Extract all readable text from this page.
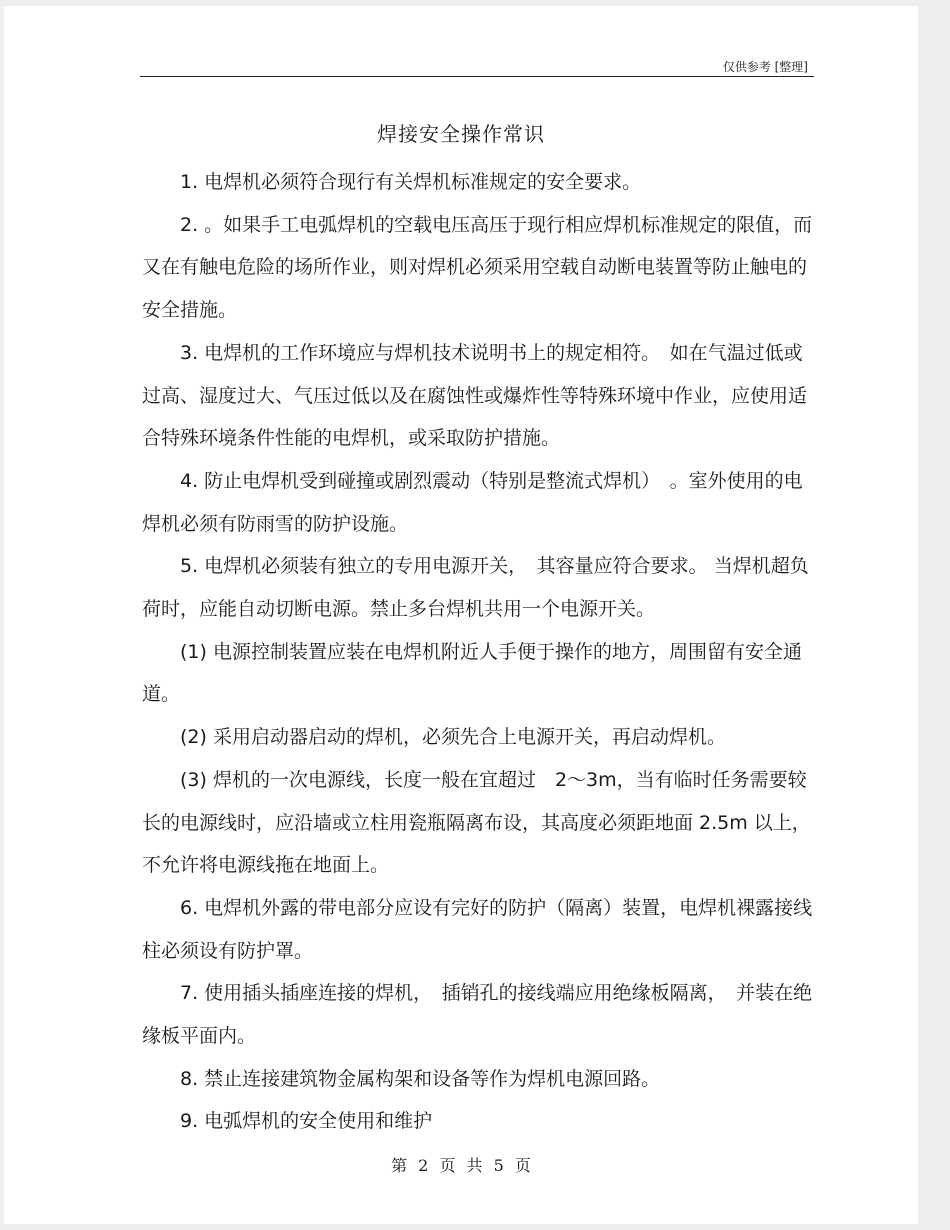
仅供参考 [整理]
焊接安全操作常识

1. 电焊机必须符合现行有关焊机标准规定的安全要求。

2. 。如果手工电弧焊机的空载电压高压于现行相应焊机标准规定的限值，而又在有触电危险的场所作业，则对焊机必须采用空载自动断电装置等防止触电的安全措施。

3. 电焊机的工作环境应与焊机技术说明书上的规定相符。　如在气温过低或过高、湿度过大、气压过低以及在腐蚀性或爆炸性等特殊环境中作业，应使用适合特殊环境条件性能的电焊机，或采取防护措施。

4. 防止电焊机受到碰撞或剧烈震动（特别是整流式焊机）　。室外使用的电焊机必须有防雨雪的防护设施。

5. 电焊机必须装有独立的专用电源开关，　其容量应符合要求。 当焊机超负荷时，应能自动切断电源。禁止多台焊机共用一个电源开关。

(1) 电源控制装置应装在电焊机附近人手便于操作的地方，周围留有安全通道。

(2) 采用启动器启动的焊机，必须先合上电源开关，再启动焊机。

(3) 焊机的一次电源线，长度一般在宜超过　2～3m，当有临时任务需要较长的电源线时，应沿墙或立柱用瓷瓶隔离布设，其高度必须距地面 2.5m 以上，不允许将电源线拖在地面上。

6. 电焊机外露的带电部分应设有完好的防护（隔离）装置，电焊机裸露接线柱必须设有防护罩。

7. 使用插头插座连接的焊机，　插销孔的接线端应用绝缘板隔离，　并装在绝缘板平面内。

8. 禁止连接建筑物金属构架和设备等作为焊机电源回路。

9. 电弧焊机的安全使用和维护

第 2 页 共 5 页
